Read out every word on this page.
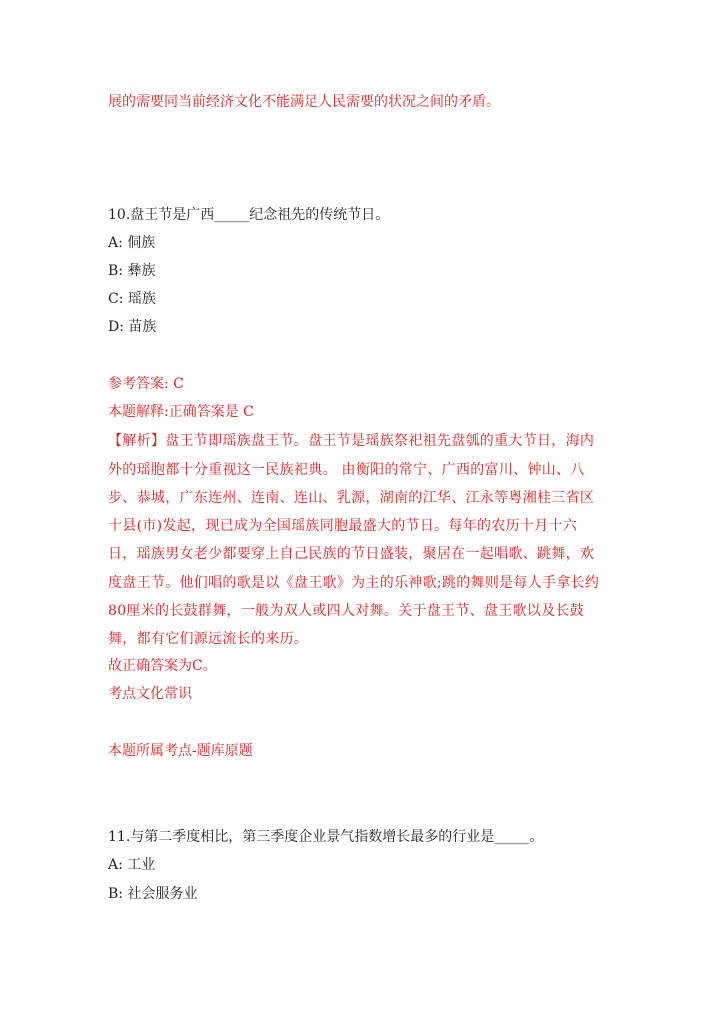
展的需要同当前经济文化不能满足人民需要的状况之间的矛盾。
10.盘王节是广西_____纪念祖先的传统节日。
A: 侗族
B: 彝族
C: 瑶族
D: 苗族
参考答案: C
本题解释:正确答案是 C
【解析】盘王节即瑶族盘王节。盘王节是瑶族祭祀祖先盘瓠的重大节日，海内
外的瑶胞都十分重视这一民族祀典。 由衡阳的常宁、广西的富川、钟山、八
步、恭城，广东连州、连南、连山、乳源，湖南的江华、江永等粤湘桂三省区
十县(市)发起，现已成为全国瑶族同胞最盛大的节日。每年的农历十月十六
日，瑶族男女老少都要穿上自己民族的节日盛装，聚居在一起唱歌、跳舞，欢
度盘王节。他们唱的歌是以《盘王歌》为主的乐神歌;跳的舞则是每人手拿长约
80厘米的长鼓群舞，一般为双人或四人对舞。关于盘王节、盘王歌以及长鼓
舞，都有它们源远流长的来历。
故正确答案为C。
考点文化常识
本题所属考点-题库原题
11.与第二季度相比，第三季度企业景气指数增长最多的行业是_____。
A: 工业
B: 社会服务业
